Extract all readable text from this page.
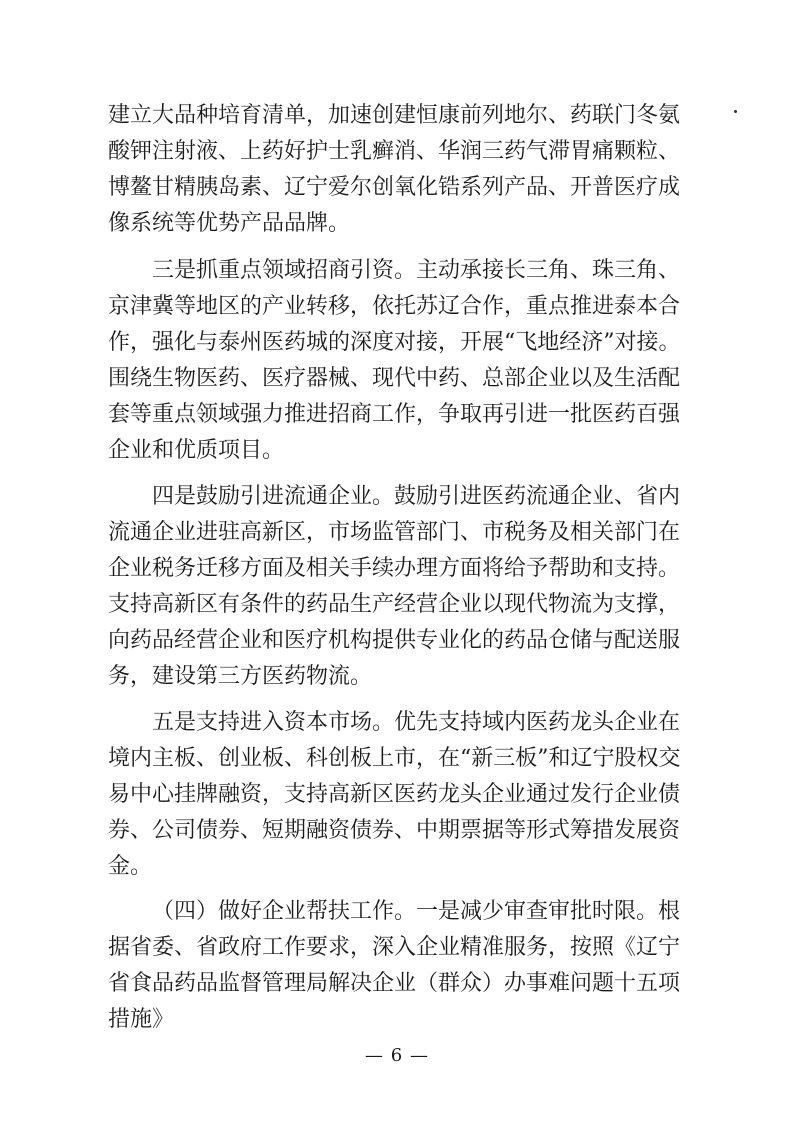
建立大品种培育清单，加速创建恒康前列地尔、药联门冬氨酸钾注射液、上药好护士乳癣消、华润三药气滞胃痛颗粒、博鳌甘精胰岛素、辽宁爱尔创氧化锆系列产品、开普医疗成像系统等优势产品品牌。

三是抓重点领域招商引资。主动承接长三角、珠三角、京津冀等地区的产业转移，依托苏辽合作，重点推进泰本合作，强化与泰州医药城的深度对接，开展“飞地经济”对接。围绕生物医药、医疗器械、现代中药、总部企业以及生活配套等重点领域强力推进招商工作，争取再引进一批医药百强企业和优质项目。

四是鼓励引进流通企业。鼓励引进医药流通企业、省内流通企业进驻高新区，市场监管部门、市税务及相关部门在企业税务迁移方面及相关手续办理方面将给予帮助和支持。支持高新区有条件的药品生产经营企业以现代物流为支撑，向药品经营企业和医疗机构提供专业化的药品仓储与配送服务，建设第三方医药物流。

五是支持进入资本市场。优先支持域内医药龙头企业在境内主板、创业板、科创板上市，在“新三板”和辽宁股权交易中心挂牌融资，支持高新区医药龙头企业通过发行企业债券、公司债券、短期融资债券、中期票据等形式筹措发展资金。

（四）做好企业帮扶工作。一是减少审查审批时限。根据省委、省政府工作要求，深入企业精准服务，按照《辽宁省食品药品监督管理局解决企业（群众）办事难问题十五项措施》

— 6 —
